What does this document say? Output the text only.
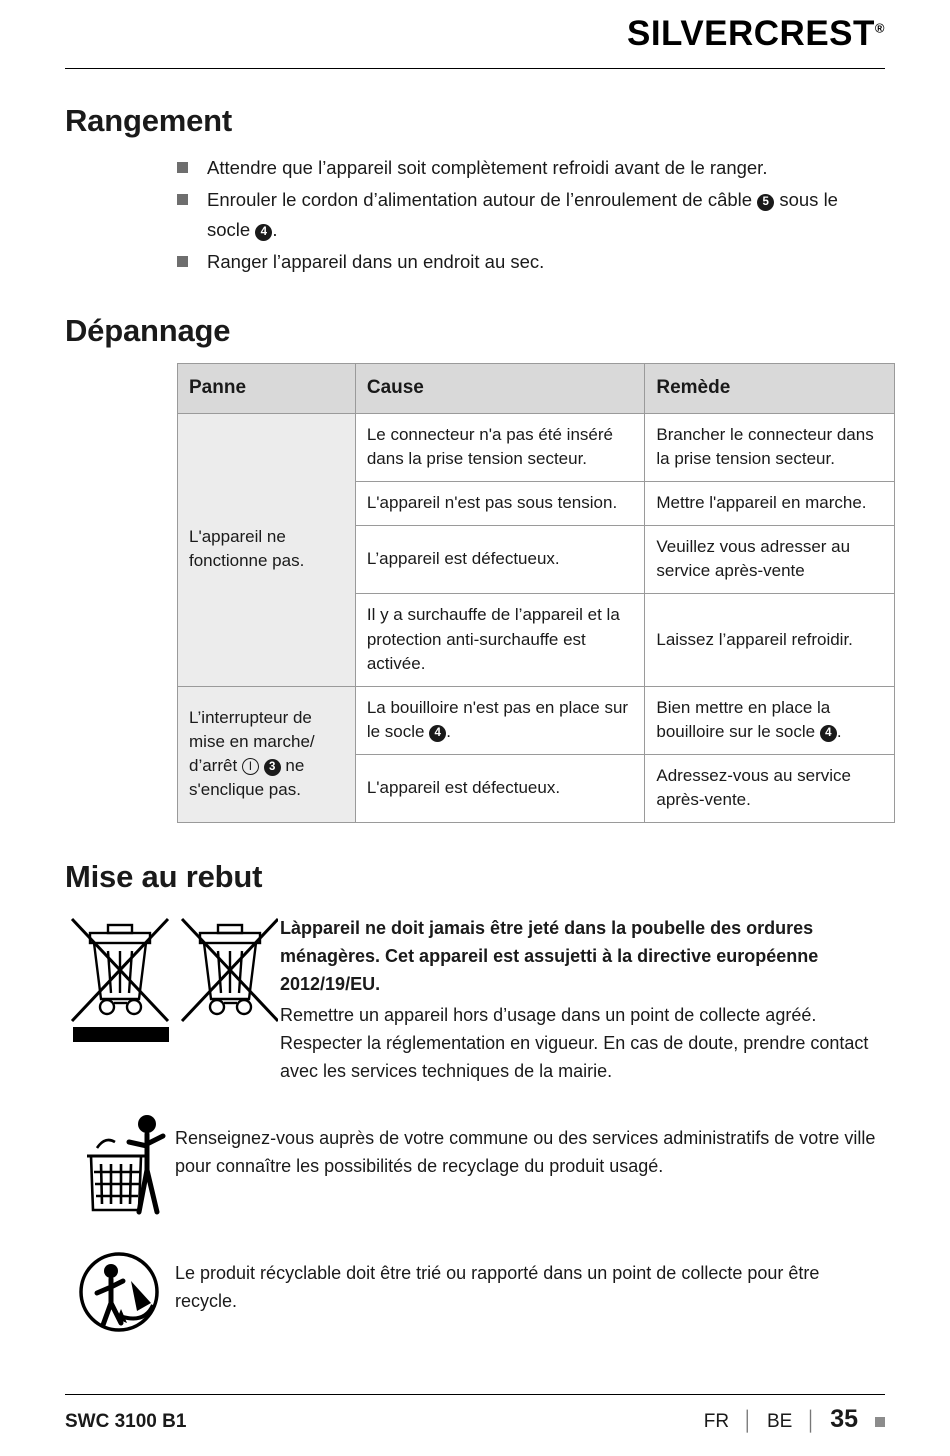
SILVERCREST®
Rangement
Attendre que l’appareil soit complètement refroidi avant de le ranger.
Enrouler le cordon d’alimentation autour de l’enroulement de câble 5 sous le socle 4 .
Ranger l’appareil dans un endroit au sec.
Dépannage
Panne	Cause	Remède
L'appareil ne fonctionne pas.	Le connecteur n'a pas été inséré dans la prise tension secteur.	Brancher le connecteur dans la prise tension secteur.
	L'appareil n'est pas sous tension.	Mettre l'appareil en marche.
	L’appareil est défectueux.	Veuillez vous adresser au service après-vente
	Il y a surchauffe de l’appareil et la protection anti-surchauffe est activée.	Laissez l’appareil refroidir.
L’interrupteur de mise en marche/ d’arrêt I 3 ne s'enclique pas.	La bouilloire n'est pas en place sur le socle 4 .	Bien mettre en place la bouilloire sur le socle 4 .
	L'appareil est défectueux.	Adressez-vous au service après-vente.
Mise au rebut
Làppareil ne doit jamais être jeté dans la poubelle des ordures ménagères. Cet appareil est assujetti à la directive européenne 2012/19/EU.
Remettre un appareil hors d’usage dans un point de collecte agréé. Respecter la réglementation en vigueur. En cas de doute, prendre contact avec les services techniques de la mairie.
Renseignez-vous auprès de votre commune ou des services administratifs de votre ville pour connaître les possibilités de recyclage du produit usagé.
Le produit récyclable doit être trié ou rapporté dans un point de collecte pour être recycle.
SWC 3100 B1	FR │ BE │ 35
